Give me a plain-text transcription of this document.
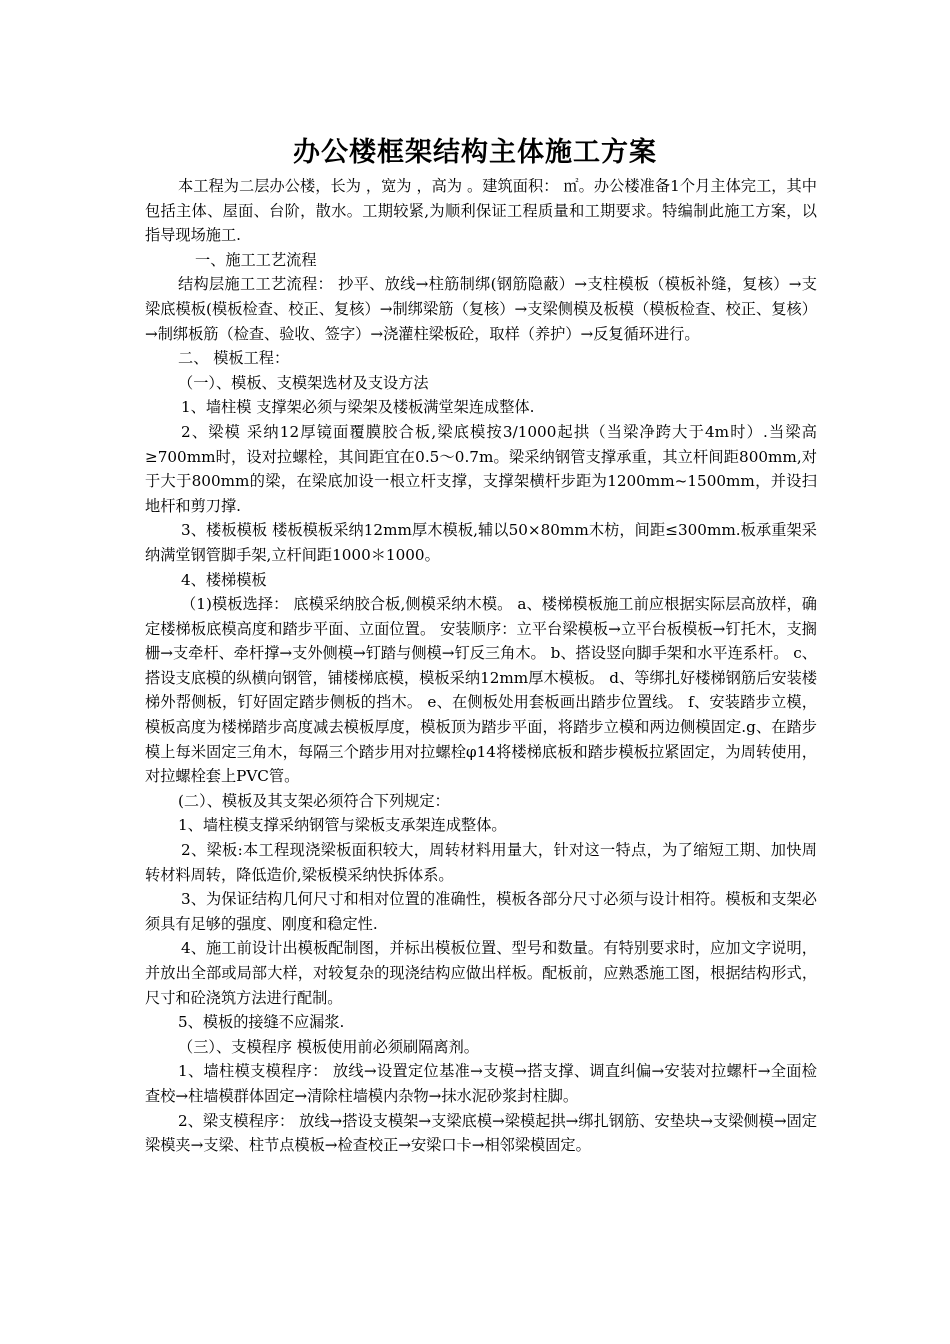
办公楼框架结构主体施工方案

本工程为二层办公楼，长为 ，宽为 ，高为 。建筑面积： ㎡。办公楼准备1个月主体完工，其中包括主体、屋面、台阶，散水。工期较紧,为顺利保证工程质量和工期要求。特编制此施工方案，以指导现场施工.

一、施工工艺流程

结构层施工工艺流程： 抄平、放线→柱筋制绑(钢筋隐蔽）→支柱模板（模板补缝，复核）→支梁底模板(模板检查、校正、复核）→制绑梁筋（复核）→支梁侧模及板模（模板检查、校正、复核）→制绑板筋（检查、验收、签字）→浇灌柱梁板砼，取样（养护）→反复循环进行。

二、 模板工程：

（一）、模板、支模架选材及支设方法

1、墙柱模 支撑架必须与梁架及楼板满堂架连成整体.

2、梁模 采纳12厚镜面覆膜胶合板,梁底模按3/1000起拱（当梁净跨大于4m时）.当梁高≥700mm时，设对拉螺栓，其间距宜在0.5～0.7m。梁采纳钢管支撑承重，其立杆间距800mm,对于大于800mm的梁，在梁底加设一根立杆支撑，支撑架横杆步距为1200mm~1500mm，并设扫地杆和剪刀撑.

3、楼板模板 楼板模板采纳12mm厚木模板,辅以50×80mm木枋，间距≤300mm.板承重架采纳满堂钢管脚手架,立杆间距1000＊1000。

4、楼梯模板

（1)模板选择： 底模采纳胶合板,侧模采纳木模。 a、楼梯模板施工前应根据实际层高放样，确定楼梯板底模高度和踏步平面、立面位置。 安装顺序：立平台梁模板→立平台板模板→钉托木，支搁栅→支牵杆、牵杆撑→支外侧模→钉踏与侧模→钉反三角木。 b、搭设竖向脚手架和水平连系杆。 c、搭设支底模的纵横向钢管，铺楼梯底模，模板采纳12mm厚木模板。 d、等绑扎好楼梯钢筋后安装楼梯外帮侧板，钉好固定踏步侧板的挡木。 e、在侧板处用套板画出踏步位置线。 f、安装踏步立模，模板高度为楼梯踏步高度减去模板厚度，模板顶为踏步平面，将踏步立模和两边侧模固定.g、在踏步模上每米固定三角木，每隔三个踏步用对拉螺栓φ14将楼梯底板和踏步模板拉紧固定，为周转使用，对拉螺栓套上PVC管。

(二）、模板及其支架必须符合下列规定：

1、墙柱模支撑采纳钢管与梁板支承架连成整体。

2、梁板:本工程现浇梁板面积较大，周转材料用量大，针对这一特点，为了缩短工期、加快周转材料周转，降低造价,梁板模采纳快拆体系。

3、为保证结构几何尺寸和相对位置的准确性，模板各部分尺寸必须与设计相符。模板和支架必须具有足够的强度、刚度和稳定性.

4、施工前设计出模板配制图，并标出模板位置、型号和数量。有特别要求时，应加文字说明，并放出全部或局部大样，对较复杂的现浇结构应做出样板。配板前，应熟悉施工图，根据结构形式，尺寸和砼浇筑方法进行配制。

5、模板的接缝不应漏浆.

（三）、支模程序 模板使用前必须刷隔离剂。

1、墙柱模支模程序： 放线→设置定位基准→支模→搭支撑、调直纠偏→安装对拉螺杆→全面检查校→柱墙模群体固定→清除柱墙模内杂物→抹水泥砂浆封柱脚。

2、梁支模程序： 放线→搭设支模架→支梁底模→梁模起拱→绑扎钢筋、安垫块→支梁侧模→固定梁模夹→支梁、柱节点模板→检查校正→安梁口卡→相邻梁模固定。
